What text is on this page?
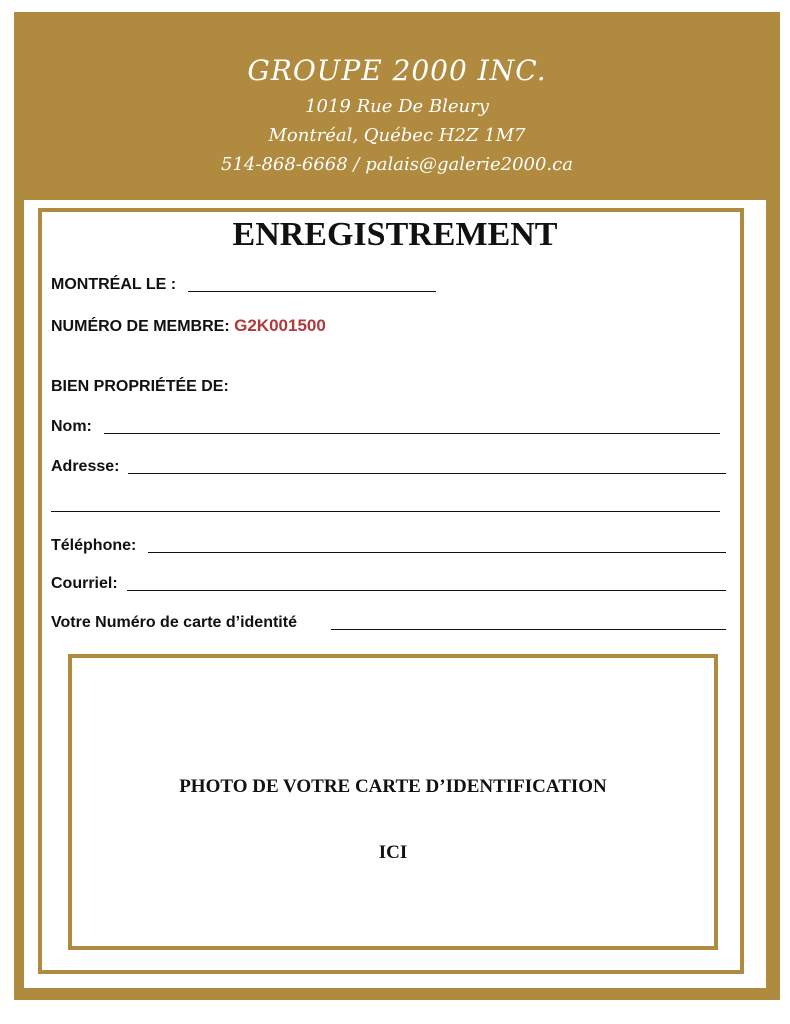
GROUPE 2000 INC.
1019 Rue De Bleury
Montréal, Québec H2Z 1M7
514-868-6668 / palais@galerie2000.ca
ENREGISTREMENT
MONTRÉAL LE :
NUMÉRO DE MEMBRE: G2K001500
BIEN PROPRIÉTÉE DE:
Nom:
Adresse:
Téléphone:
Courriel:
Votre Numéro de carte d’identité
PHOTO DE VOTRE CARTE D’IDENTIFICATION
ICI
